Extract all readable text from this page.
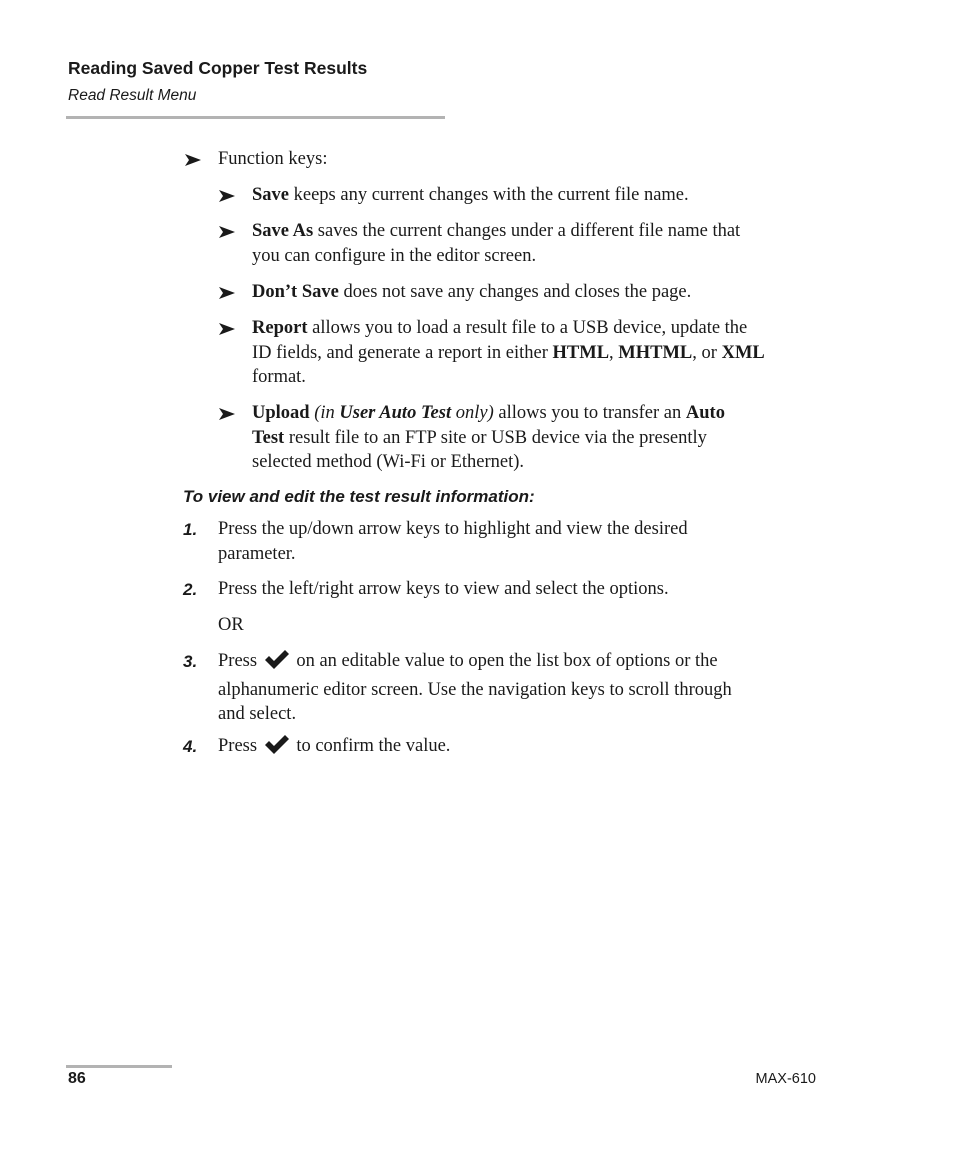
Reading Saved Copper Test Results
Read Result Menu
Function keys:
Save keeps any current changes with the current file name.
Save As saves the current changes under a different file name that
you can configure in the editor screen.
Don’t Save does not save any changes and closes the page.
Report allows you to load a result file to a USB device, update the
ID fields, and generate a report in either HTML, MHTML, or XML
format.
Upload (in User Auto Test only) allows you to transfer an Auto
Test result file to an FTP site or USB device via the presently
selected method (Wi-Fi or Ethernet).
To view and edit the test result information:
1. Press the up/down arrow keys to highlight and view the desired
parameter.
2. Press the left/right arrow keys to view and select the options.
OR
3. Press  on an editable value to open the list box of options or the
alphanumeric editor screen. Use the navigation keys to scroll through
and select.
4. Press  to confirm the value.
86	MAX-610
